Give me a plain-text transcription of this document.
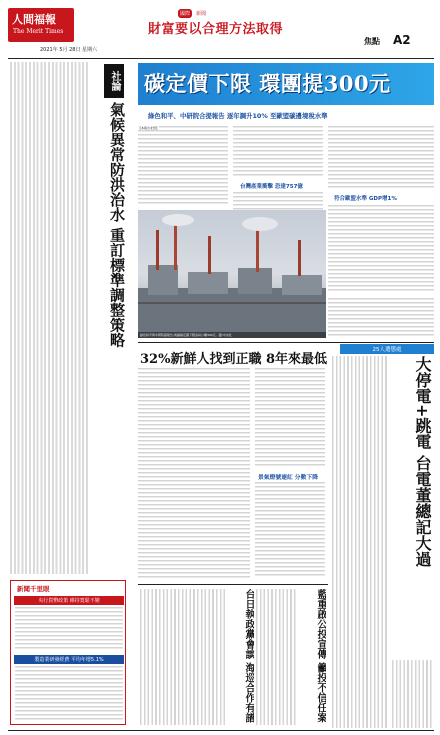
人間福報
The Merit Times
2021年 5月 28日 星期六
國際	新聞
財富要以合理方法取得
焦點 A2
社論
氣候異常防洪治水 重訂標準調整策略
新聞千里眼
央行貨幣政策 維持寬鬆不變
製造業研發經費 平均年增5.1%
碳定價下限 環團提300元
綠色和平、中研院合提報告 逐年調升10% 至歐盟碳邊境稅水準
【本報台北訊】
台灣產業衝擊 恐達757億
符合歐盟水準 GDP增1%
綠色和平與中研院提報告,建議碳定價下限為每公噸300元。圖/中央社
32%新鮮人找到正職 8年來最低
景氣燈號連紅 分數下降
25人遭懲處
大停電+跳電 台電董總記大過
藍重啟公投宣傳 籲投不信任案
台日執政黨會談 海巡合作有譜
